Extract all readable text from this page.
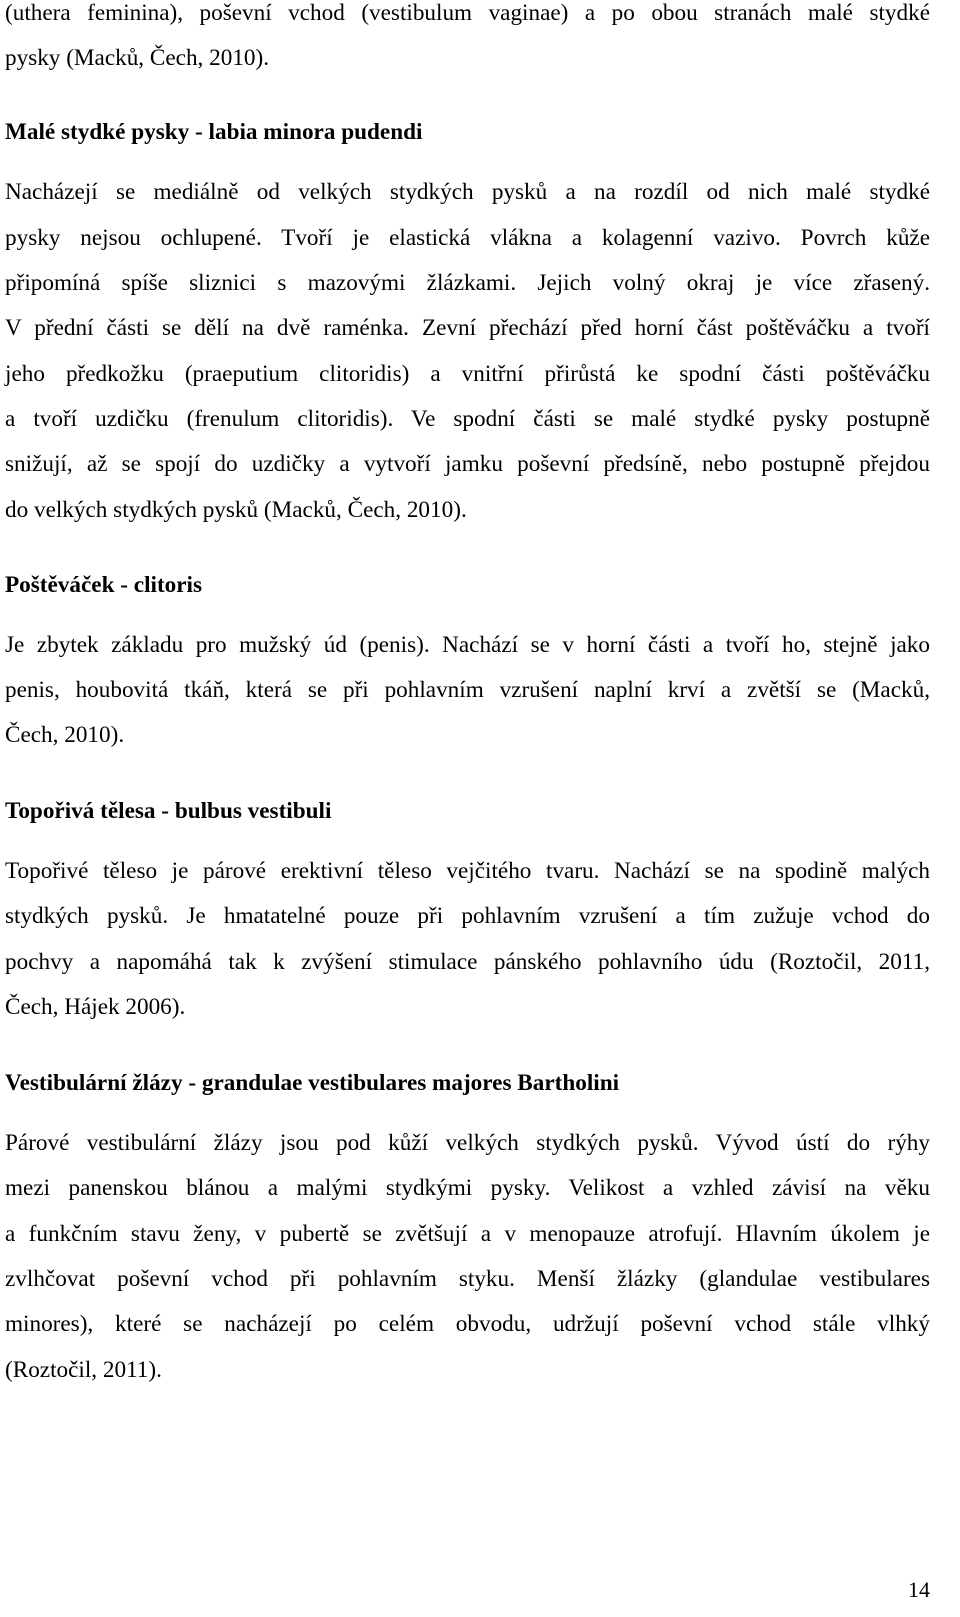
(uthera feminina), poševní vchod (vestibulum vaginae) a po obou stranách malé stydké
pysky (Macků, Čech, 2010).
Malé stydké pysky - labia minora pudendi
Nacházejí se mediálně od velkých stydkých pysků a na rozdíl od nich malé stydké
pysky nejsou ochlupené. Tvoří je elastická vlákna a kolagenní vazivo. Povrch kůže
připomíná spíše sliznici s mazovými žlázkami. Jejich volný okraj je více zřasený.
V přední části se dělí na dvě raménka. Zevní přechází před horní část poštěváčku a tvoří
jeho předkožku (praeputium clitoridis) a vnitřní přirůstá ke spodní části poštěváčku
a tvoří uzdičku (frenulum clitoridis). Ve spodní části se malé stydké pysky postupně
snižují, až se spojí do uzdičky a vytvoří jamku poševní předsíně, nebo postupně přejdou
do velkých stydkých pysků (Macků, Čech, 2010).
Poštěváček - clitoris
Je zbytek základu pro mužský úd (penis). Nachází se v horní části a tvoří ho, stejně jako
penis, houbovitá tkáň, která se při pohlavním vzrušení naplní krví a zvětší se (Macků,
Čech, 2010).
Topořivá tělesa - bulbus vestibuli
Topořivé těleso je párové erektivní těleso vejčitého tvaru. Nachází se na spodině malých
stydkých pysků. Je hmatatelné pouze při pohlavním vzrušení a tím zužuje vchod do
pochvy a napomáhá tak k zvýšení stimulace pánského pohlavního údu (Roztočil, 2011,
Čech, Hájek 2006).
Vestibulární žlázy - grandulae vestibulares majores Bartholini
Párové vestibulární žlázy jsou pod kůží velkých stydkých pysků. Vývod ústí do rýhy
mezi panenskou blánou a malými stydkými pysky. Velikost a vzhled závisí na věku
a funkčním stavu ženy, v pubertě se zvětšují a v menopauze atrofují. Hlavním úkolem je
zvlhčovat poševní vchod při pohlavním styku. Menší žlázky (glandulae vestibulares
minores), které se nacházejí po celém obvodu, udržují poševní vchod stále vlhký
(Roztočil, 2011).
14
